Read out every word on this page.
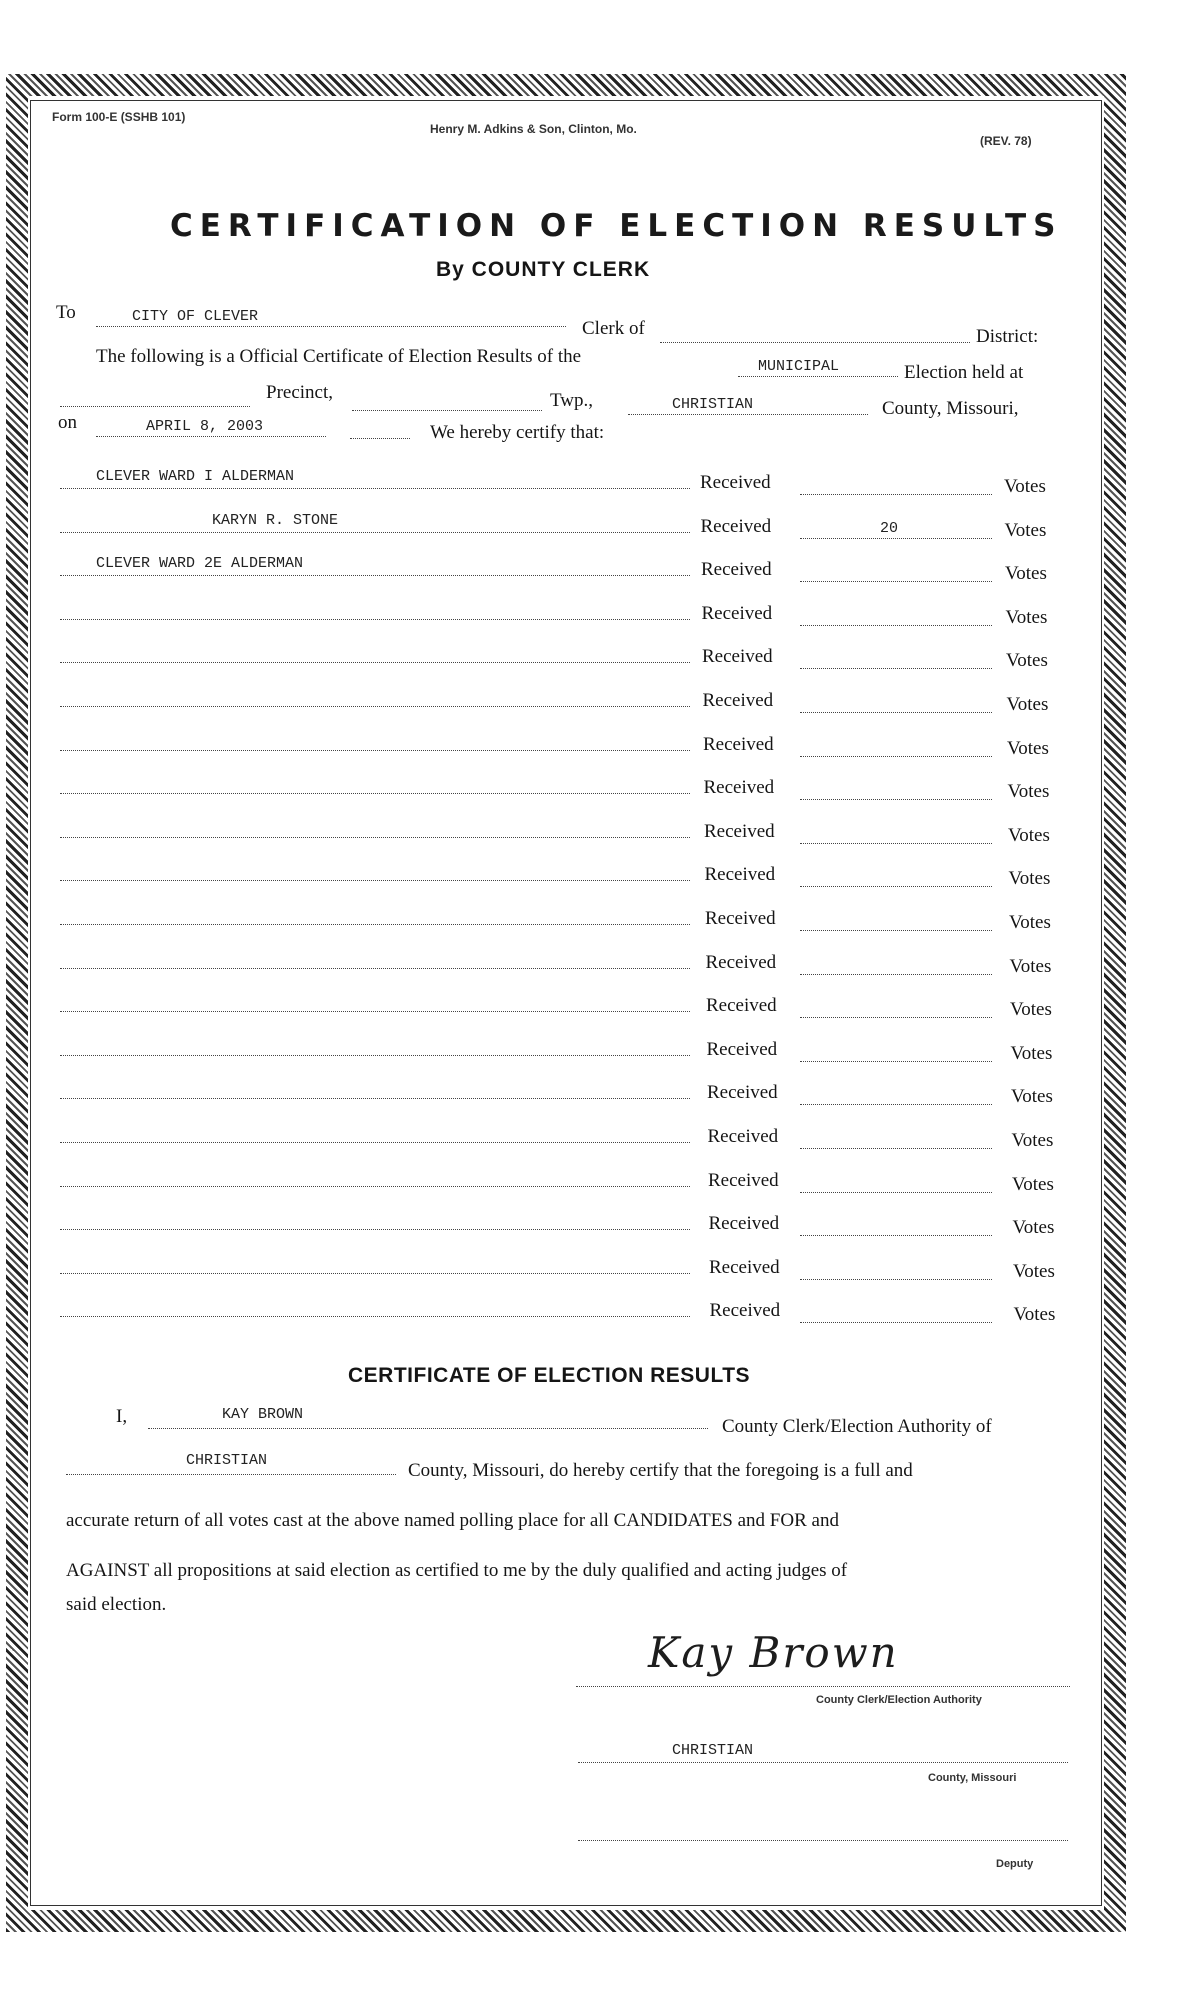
Form 100-E (SSHB 101)
Henry M. Adkins & Son, Clinton, Mo.
(REV. 78)
CERTIFICATION OF ELECTION RESULTS
By COUNTY CLERK
To	CITY OF CLEVER
Clerk of	District:
The following is a Official Certificate of Election Results of the	MUNICIPAL	Election held at
Precinct,	Twp.,	CHRISTIAN	County, Missouri,
on	APRIL 8, 2003	We hereby certify that:
CLEVER WARD I ALDERMAN	Received	Votes
KARYN R. STONE	Received	20	Votes
CLEVER WARD 2E ALDERMAN	Received	Votes
Received	Votes
Received	Votes
Received	Votes
Received	Votes
Received	Votes
Received	Votes
Received	Votes
Received	Votes
Received	Votes
Received	Votes
Received	Votes
Received	Votes
Received	Votes
Received	Votes
Received	Votes
Received	Votes
Received	Votes
CERTIFICATE OF ELECTION RESULTS
I,	KAY BROWN
County Clerk/Election Authority of
CHRISTIAN	County, Missouri, do hereby certify that the foregoing is a full and
accurate return of all votes cast at the above named polling place for all CANDIDATES and FOR and
AGAINST all propositions at said election as certified to me by the duly qualified and acting judges of
said election.
Kay Brown
County Clerk/Election Authority
CHRISTIAN
County, Missouri
Deputy
